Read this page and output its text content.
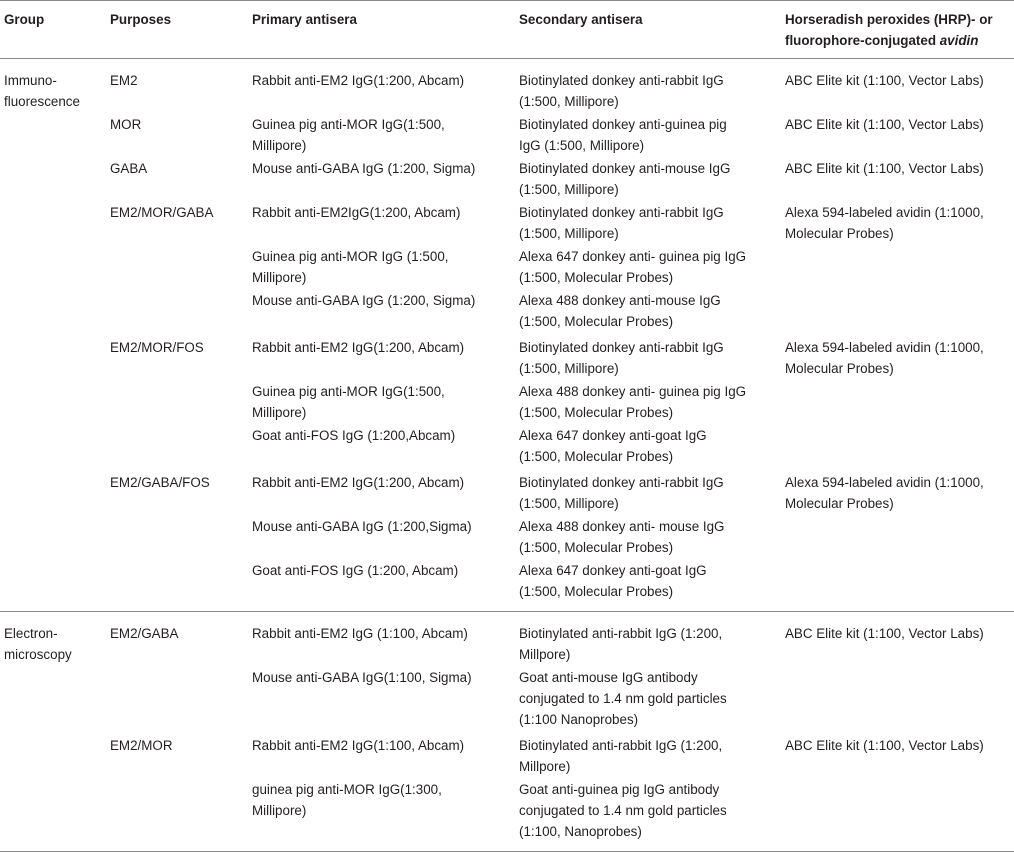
Group	Purposes	Primary antisera	Secondary antisera	Horseradish peroxides (HRP)- or
fluorophore-conjugated avidin
Immuno-
fluorescence	EM2	Rabbit anti-EM2 IgG(1:200, Abcam)	Biotinylated donkey anti-rabbit IgG
(1:500, Millipore)	ABC Elite kit (1:100, Vector Labs)
	MOR	Guinea pig anti-MOR IgG(1:500,
Millipore)	Biotinylated donkey anti-guinea pig
IgG (1:500, Millipore)	ABC Elite kit (1:100, Vector Labs)
	GABA	Mouse anti-GABA IgG (1:200, Sigma)	Biotinylated donkey anti-mouse IgG
(1:500, Millipore)	ABC Elite kit (1:100, Vector Labs)
	EM2/MOR/GABA	Rabbit anti-EM2IgG(1:200, Abcam)	Biotinylated donkey anti-rabbit IgG
(1:500, Millipore)	Alexa 594-labeled avidin (1:1000,
Molecular Probes)
		Guinea pig anti-MOR IgG (1:500,
Millipore)	Alexa 647 donkey anti- guinea pig IgG
(1:500, Molecular Probes)	
		Mouse anti-GABA IgG (1:200, Sigma)	Alexa 488 donkey anti-mouse IgG
(1:500, Molecular Probes)	
	EM2/MOR/FOS	Rabbit anti-EM2 IgG(1:200, Abcam)	Biotinylated donkey anti-rabbit IgG
(1:500, Millipore)	Alexa 594-labeled avidin (1:1000,
Molecular Probes)
		Guinea pig anti-MOR IgG(1:500,
Millipore)	Alexa 488 donkey anti- guinea pig IgG
(1:500, Molecular Probes)	
		Goat anti-FOS IgG (1:200,Abcam)	Alexa 647 donkey anti-goat IgG
(1:500, Molecular Probes)	
	EM2/GABA/FOS	Rabbit anti-EM2 IgG(1:200, Abcam)	Biotinylated donkey anti-rabbit IgG
(1:500, Millipore)	Alexa 594-labeled avidin (1:1000,
Molecular Probes)
		Mouse anti-GABA IgG (1:200,Sigma)	Alexa 488 donkey anti- mouse IgG
(1:500, Molecular Probes)	
		Goat anti-FOS IgG (1:200, Abcam)	Alexa 647 donkey anti-goat IgG
(1:500, Molecular Probes)	
Electron-
microscopy	EM2/GABA	Rabbit anti-EM2 IgG (1:100, Abcam)	Biotinylated anti-rabbit IgG (1:200,
Millpore)	ABC Elite kit (1:100, Vector Labs)
		Mouse anti-GABA IgG(1:100, Sigma)	Goat anti-mouse IgG antibody
conjugated to 1.4 nm gold particles
(1:100 Nanoprobes)	
	EM2/MOR	Rabbit anti-EM2 IgG(1:100, Abcam)	Biotinylated anti-rabbit IgG (1:200,
Millpore)	ABC Elite kit (1:100, Vector Labs)
		guinea pig anti-MOR IgG(1:300,
Millipore)	Goat anti-guinea pig IgG antibody
conjugated to 1.4 nm gold particles
(1:100, Nanoprobes)	
